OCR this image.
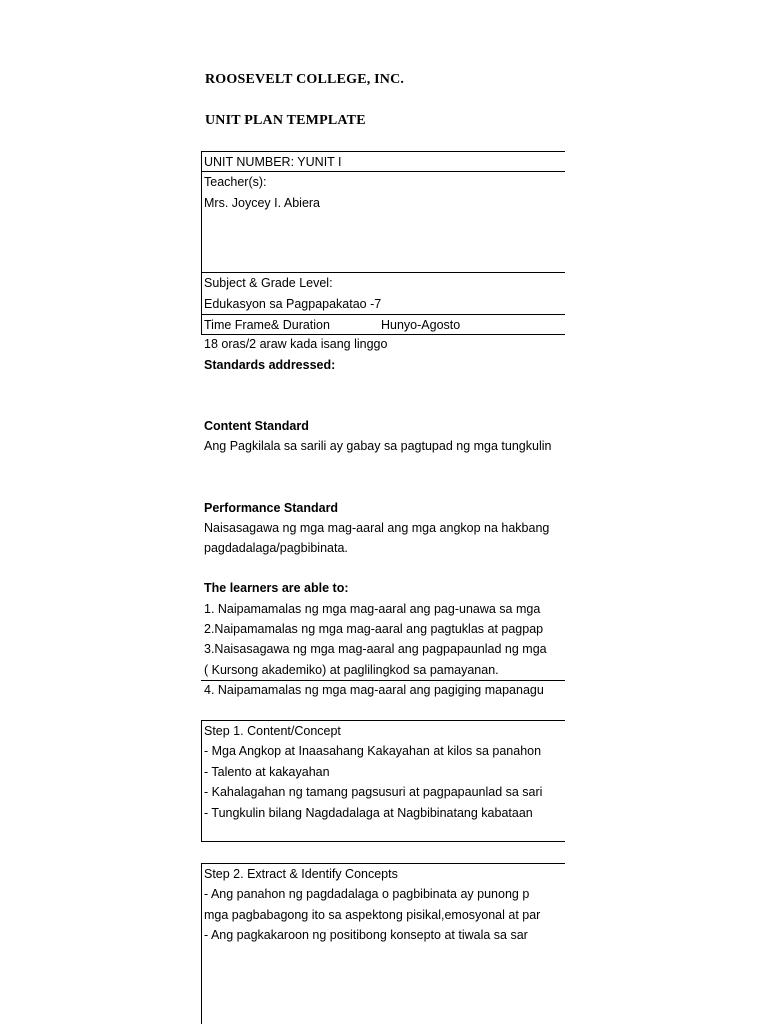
ROOSEVELT COLLEGE, INC.
UNIT PLAN TEMPLATE
UNIT NUMBER: YUNIT I
Teacher(s):
Mrs. Joycey I. Abiera
Subject & Grade Level:
Edukasyon sa Pagpapakatao -7
Time Frame& Duration	Hunyo-Agosto
18 oras/2 araw kada isang linggo
Standards addressed:
Content Standard
Ang Pagkilala sa sarili ay gabay sa pagtupad ng mga tungkulin
Performance Standard
Naisasagawa ng mga mag-aaral ang mga angkop na hakbang
pagdadalaga/pagbibinata.
The learners are able to:
1. Naipamamalas ng mga mag-aaral ang pag-unawa sa mga
2.Naipamamalas ng mga mag-aaral ang pagtuklas at pagpap
3.Naisasagawa ng mga mag-aaral ang pagpapaunlad ng mga
( Kursong akademiko) at paglilingkod sa pamayanan.
4. Naipamamalas ng mga mag-aaral ang pagiging mapanagu
Step 1. Content/Concept
- Mga Angkop at Inaasahang Kakayahan at kilos sa panahon
- Talento at kakayahan
- Kahalagahan ng tamang pagsusuri at pagpapaunlad sa sari
- Tungkulin bilang Nagdadalaga at Nagbibinatang kabataan
Step 2. Extract & Identify Concepts
- Ang panahon ng pagdadalaga o pagbibinata ay punong p
mga pagbabagong ito sa aspektong pisikal,emosyonal at par
- Ang pagkakaroon ng positibong konsepto at tiwala sa sar
